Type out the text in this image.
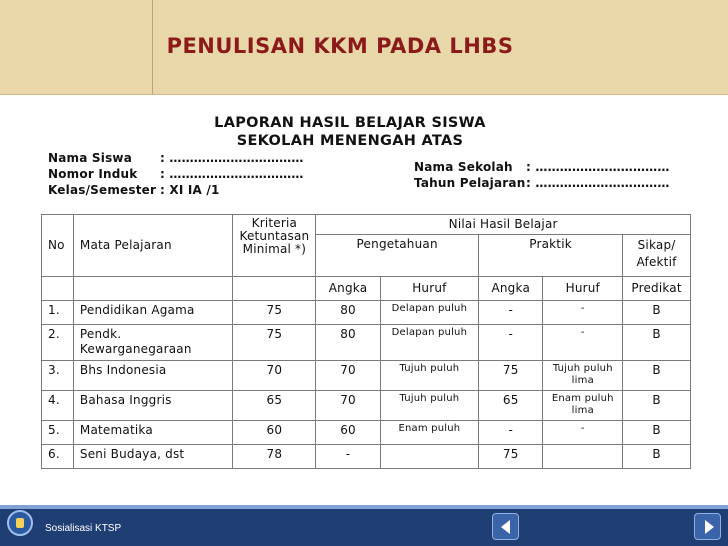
PENULISAN KKM PADA LHBS
LAPORAN HASIL BELAJAR SISWA
SEKOLAH MENENGAH ATAS
Nama Siswa : ……………………………
Nomor Induk : ……………………………
Kelas/Semester : XI IA /1
Nama Sekolah : ……………………………
Tahun Pelajaran: ……………………………
No	Mata Pelajaran	Kriteria Ketuntasan Minimal *)	Nilai Hasil Belajar				
			Pengetahuan		Praktik		Sikap/ Afektif
			Angka	Huruf	Angka	Huruf	Predikat
1.	Pendidikan Agama	75	80	Delapan puluh	-	-	B
2.	Pendk. Kewarganegaraan	75	80	Delapan puluh	-	-	B
3.	Bhs Indonesia	70	70	Tujuh puluh	75	Tujuh puluh lima	B
4.	Bahasa Inggris	65	70	Tujuh puluh	65	Enam puluh lima	B
5.	Matematika	60	60	Enam puluh	-	-	B
6.	Seni Budaya, dst	78	-		75		B
Sosialisasi KTSP
